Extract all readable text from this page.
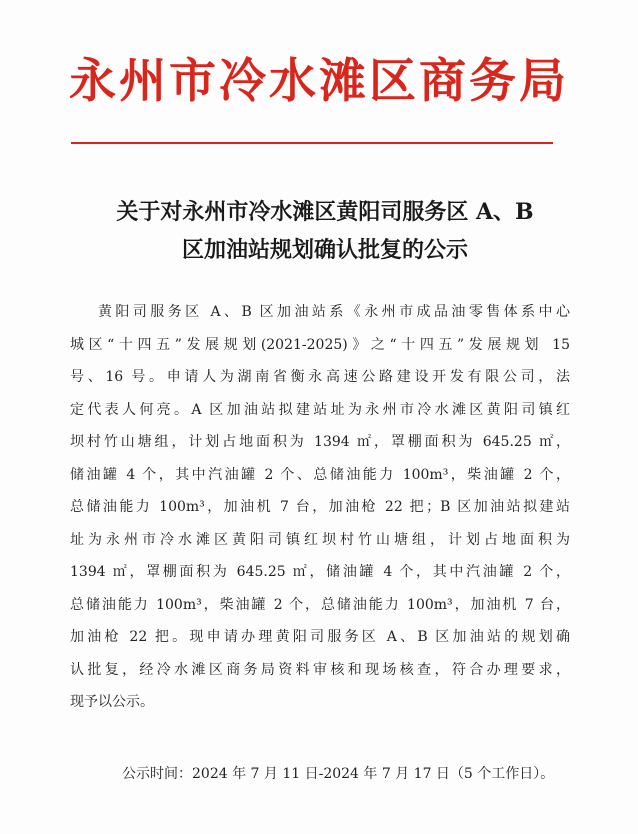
永州市冷水滩区商务局
关于对永州市冷水滩区黄阳司服务区 A、B
区加油站规划确认批复的公示
黄阳司服务区 A、B 区加油站系《永州市成品油零售体系中心
城区“十四五”发展规划(2021-2025)》之“十四五”发展规划 15
号、16 号。申请人为湖南省衡永高速公路建设开发有限公司，法
定代表人何亮。A 区加油站拟建站址为永州市冷水滩区黄阳司镇红
坝村竹山塘组，计划占地面积为 1394 ㎡，罩棚面积为 645.25 ㎡，
储油罐 4 个，其中汽油罐 2 个、总储油能力 100m³，柴油罐 2 个，
总储油能力 100m³，加油机 7 台，加油枪 22 把；B 区加油站拟建站
址为永州市冷水滩区黄阳司镇红坝村竹山塘组，计划占地面积为
1394 ㎡，罩棚面积为 645.25 ㎡，储油罐 4 个，其中汽油罐 2 个，
总储油能力 100m³，柴油罐 2 个，总储油能力 100m³，加油机 7 台，
加油枪 22 把。现申请办理黄阳司服务区 A、B 区加油站的规划确
认批复，经冷水滩区商务局资料审核和现场核查，符合办理要求，
现予以公示。
公示时间：2024 年 7 月 11 日-2024 年 7 月 17 日（5 个工作日）。
